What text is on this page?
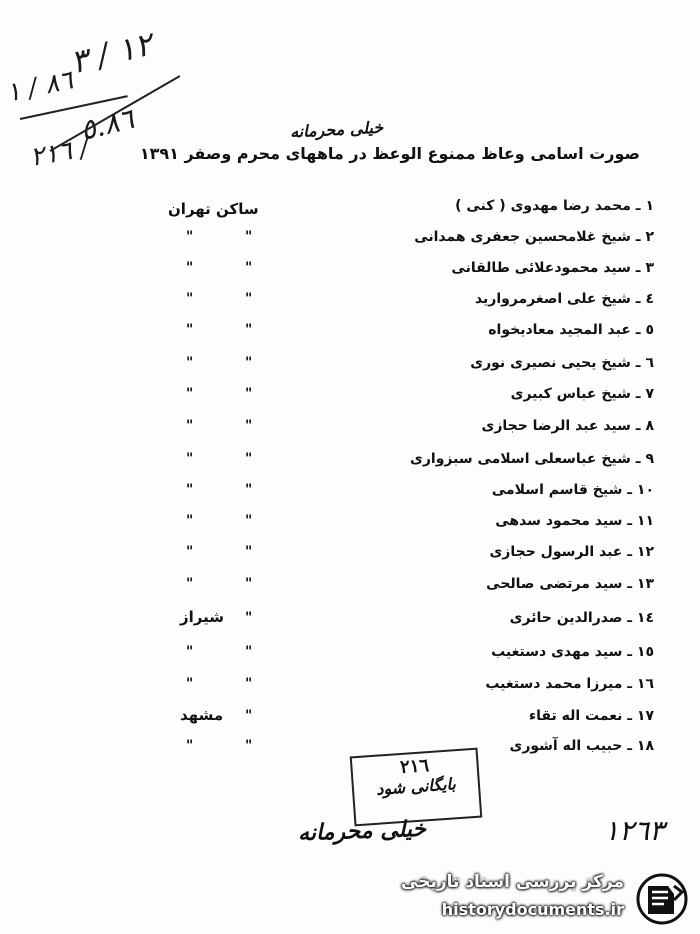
١٢ / ٣
٨٦ / ١
٥.٨٦
٢١٦ /
خیلی محرمانه
صورت اسامی وعاظ ممنوع الوعظ در ماههای محرم وصفر ١٣٩١
ساکن تهران	١ ـ محمد رضا مهدوی ( کنی )
٢ ـ شیخ غلامحسین جعفری همدانی
"
"
٣ ـ سید محمودعلائی طالقانی
"
"
٤ ـ شیخ علی اصغرمروارید
"
"
٥ ـ عبد المجید معادیخواه
"
"
٦ ـ شیخ یحیی نصیری نوری
"
"
٧ ـ شیخ عباس کبیری
"
"
٨ ـ سید عبد الرضا حجازی
"
"
٩ ـ شیخ عباسعلی اسلامی سبزواری
"
"
١٠ ـ شیخ قاسم اسلامی
"
"
١١ ـ سید محمود سدهی
"
"
١٢ ـ عبد الرسول حجازی
"
"
١٣ ـ سید مرتضی صالحی
"
"
١٤ ـ صدرالدین حائری
"
شیراز
١٥ ـ سید مهدی دستغیب
"
"
١٦ ـ میرزا محمد دستغیب
"
"
١٧ ـ نعمت اله تقاء
"
مشهد
١٨ ـ حبیب اله آشوری
"
"
٢١٦
بایگانی شود
خیلی محرمانه	١٢٦٣
مرکز بررسی اسناد تاریخی
historydocuments.ir
